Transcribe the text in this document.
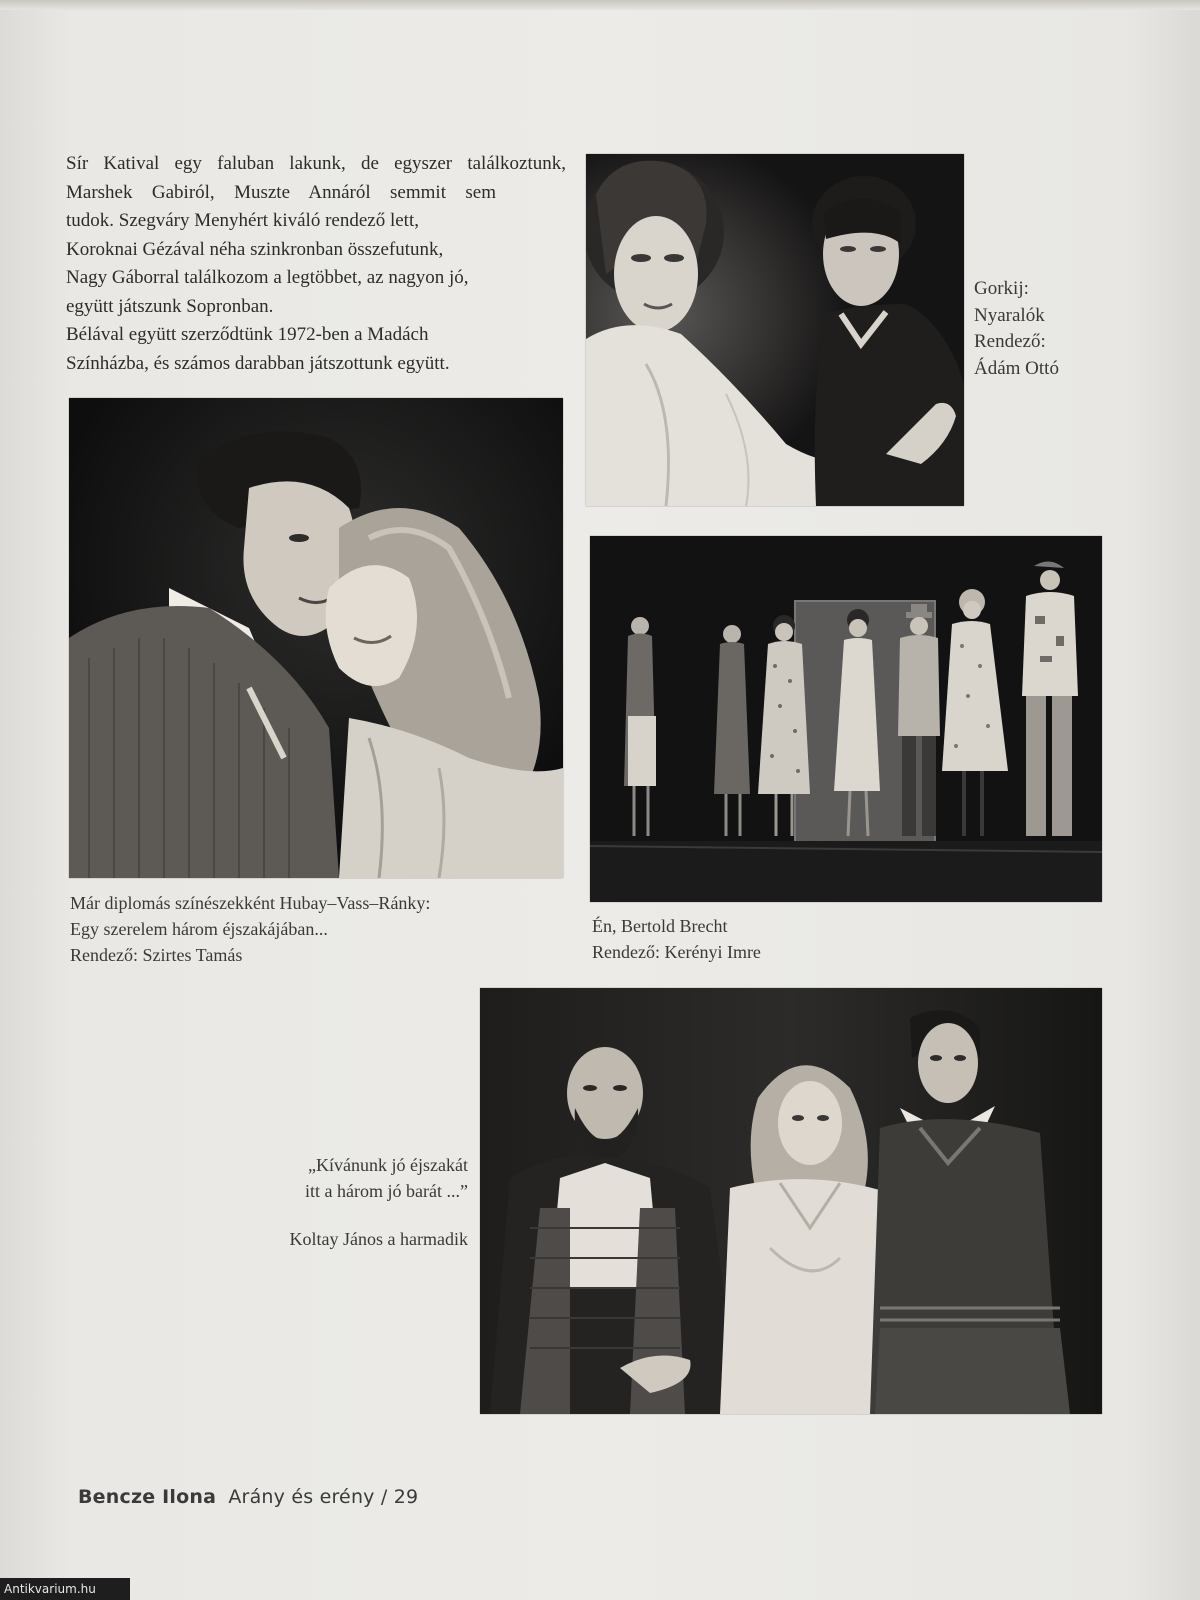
Sír Katival egy faluban lakunk, de egyszer találkoztunk,

Marshek Gabiról, Muszte Annáról semmit sem

tudok. Szegváry Menyhért kiváló rendező lett,

Koroknai Gézával néha szinkronban összefutunk,

Nagy Gáborral találkozom a legtöbbet, az nagyon jó,

együtt játszunk Sopronban.

Bélával együtt szerződtünk 1972-ben a Madách

Színházba, és számos darabban játszottunk együtt.

Gorkij:
Nyaralók
Rendező:
Ádám Ottó
Már diplomás színészekként Hubay–Vass–Ránky:
Egy szerelem három éjszakájában...
Rendező: Szirtes Tamás
Én, Bertold Brecht
Rendező: Kerényi Imre
„Kívánunk jó éjszakát
itt a három jó barát ...”
Koltay János a harmadik
Bencze Ilona Arány és erény / 29
Antikvarium.hu
